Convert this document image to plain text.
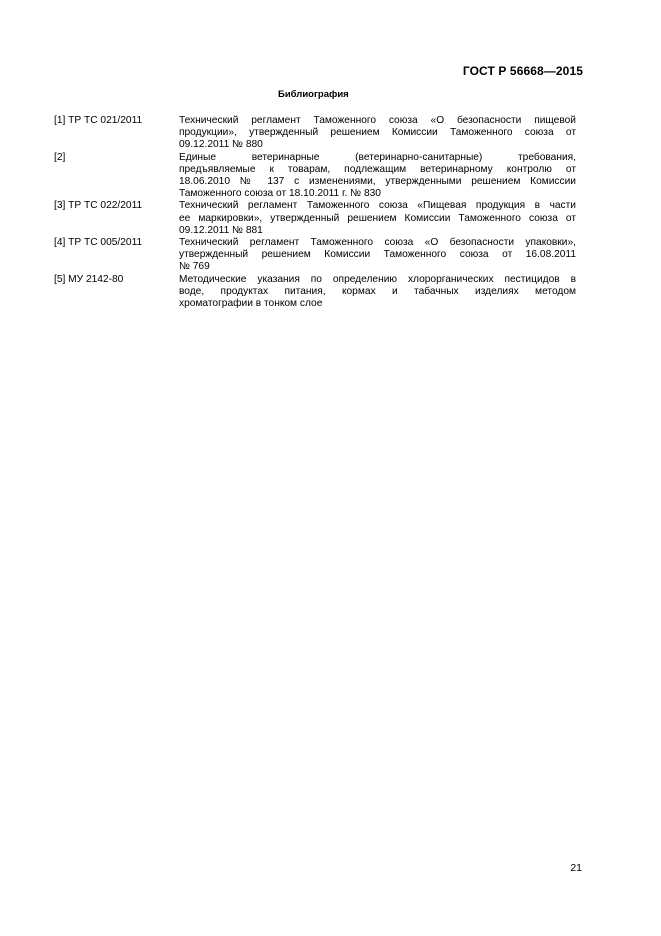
ГОСТ Р 56668—2015
Библиография
[1] ТР ТС 021/2011	Технический регламент Таможенного союза «О безопасности пищевой
продукции», утвержденный решением Комиссии Таможенного союза от
09.12.2011 № 880
[2]	Единые ветеринарные (ветеринарно-санитарные) требования,
предъявляемые к товарам, подлежащим ветеринарному контролю от
18.06.2010 № 137 с изменениями, утвержденными решением Комиссии
Таможенного союза от 18.10.2011 г. № 830
[3] ТР ТС 022/2011	Технический регламент Таможенного союза «Пищевая продукция в части
ее маркировки», утвержденный решением Комиссии Таможенного союза от
09.12.2011 № 881
[4] ТР ТС 005/2011	Технический регламент Таможенного союза «О безопасности упаковки»,
утвержденный решением Комиссии Таможенного союза от 16.08.2011
№ 769
[5] МУ 2142-80	Методические указания по определению хлорорганических пестицидов в
воде, продуктах питания, кормах и табачных изделиях методом
хроматографии в тонком слое
21
